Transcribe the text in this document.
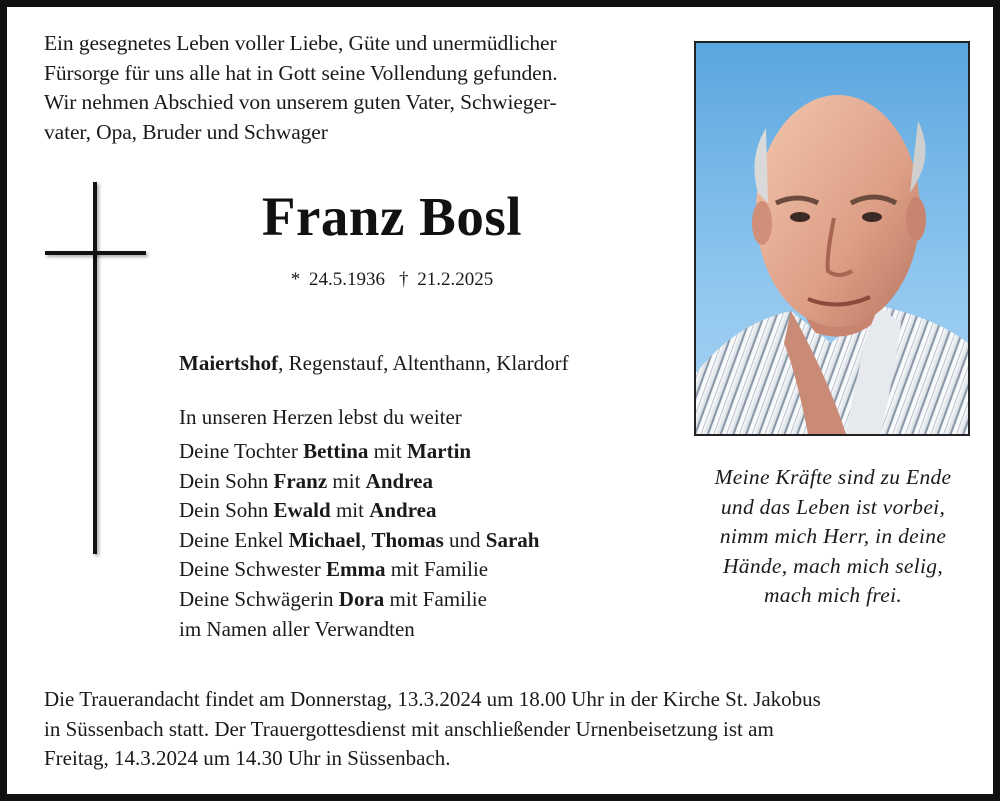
Ein gesegnetes Leben voller Liebe, Güte und unermüdlicher
Fürsorge für uns alle hat in Gott seine Vollendung gefunden.
Wir nehmen Abschied von unserem guten Vater, Schwieger-
vater, Opa, Bruder und Schwager
Franz Bosl
* 24.5.1936 † 21.2.2025
Maiertshof, Regenstauf, Altenthann, Klardorf
In unseren Herzen lebst du weiter
Deine Tochter Bettina mit Martin
Dein Sohn Franz mit Andrea
Dein Sohn Ewald mit Andrea
Deine Enkel Michael, Thomas und Sarah
Deine Schwester Emma mit Familie
Deine Schwägerin Dora mit Familie
im Namen aller Verwandten
Meine Kräfte sind zu Ende
und das Leben ist vorbei,
nimm mich Herr, in deine
Hände, mach mich selig,
mach mich frei.
Die Trauerandacht findet am Donnerstag, 13.3.2024 um 18.00 Uhr in der Kirche St. Jakobus
in Süssenbach statt. Der Trauergottesdienst mit anschließender Urnenbeisetzung ist am
Freitag, 14.3.2024 um 14.30 Uhr in Süssenbach.
